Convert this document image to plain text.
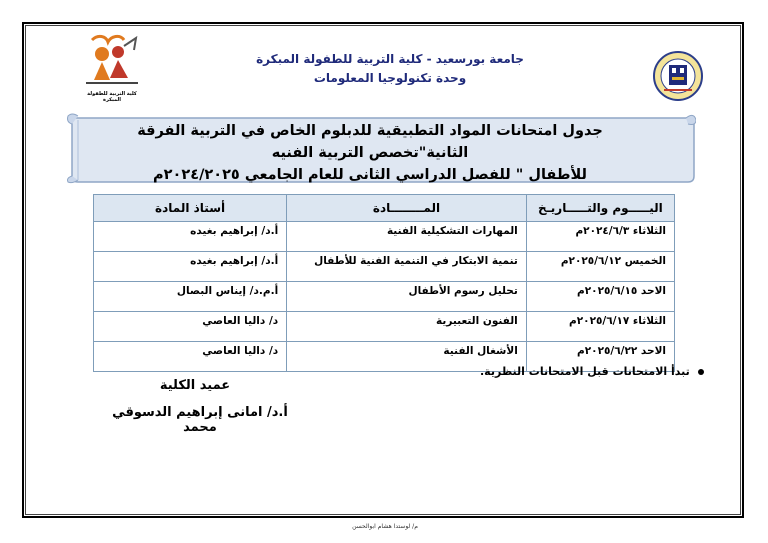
كلية التربية للطفولة المبكرة
جامعة بورسعيد - كلية التربية للطفولة المبكرة
وحدة تكنولوجيا المعلومات
جدول امتحانات المواد التطبيقية للدبلوم الخاص في التربية الفرقة الثانية"تخصص التربية الفنيه
للأطفال " للفصل الدراسي الثانى للعام الجامعي ٢٠٢٤/٢٠٢٥م
اليـــــوم والتـــــاريـخ	المــــــــادة	أستاذ المادة
الثلاثاء ٢٠٢٤/٦/٣م	المهارات التشكيلية الفنية	أ.د/ إبراهيم بغيده
الخميس ٢٠٢٥/٦/١٢م	تنمية الابتكار في التنمية الفنية للأطفال	أ.د/ إبراهيم بغيده
الاحد ٢٠٢٥/٦/١٥م	تحليل رسوم الأطفال	أ.م.د/ إيناس البصال
الثلاثاء ٢٠٢٥/٦/١٧م	الفنون التعبيرية	د/ داليا العاصي
الاحد ٢٠٢٥/٦/٢٢م	الأشغال الفنية	د/ داليا العاصي
تبدأ الامتحانات قبل الامتحانات النظرية.
عميد الكلية
أ.د/ امانى إبراهيم الدسوقي محمد
م/ لوستدا هشام ابوالحسن
